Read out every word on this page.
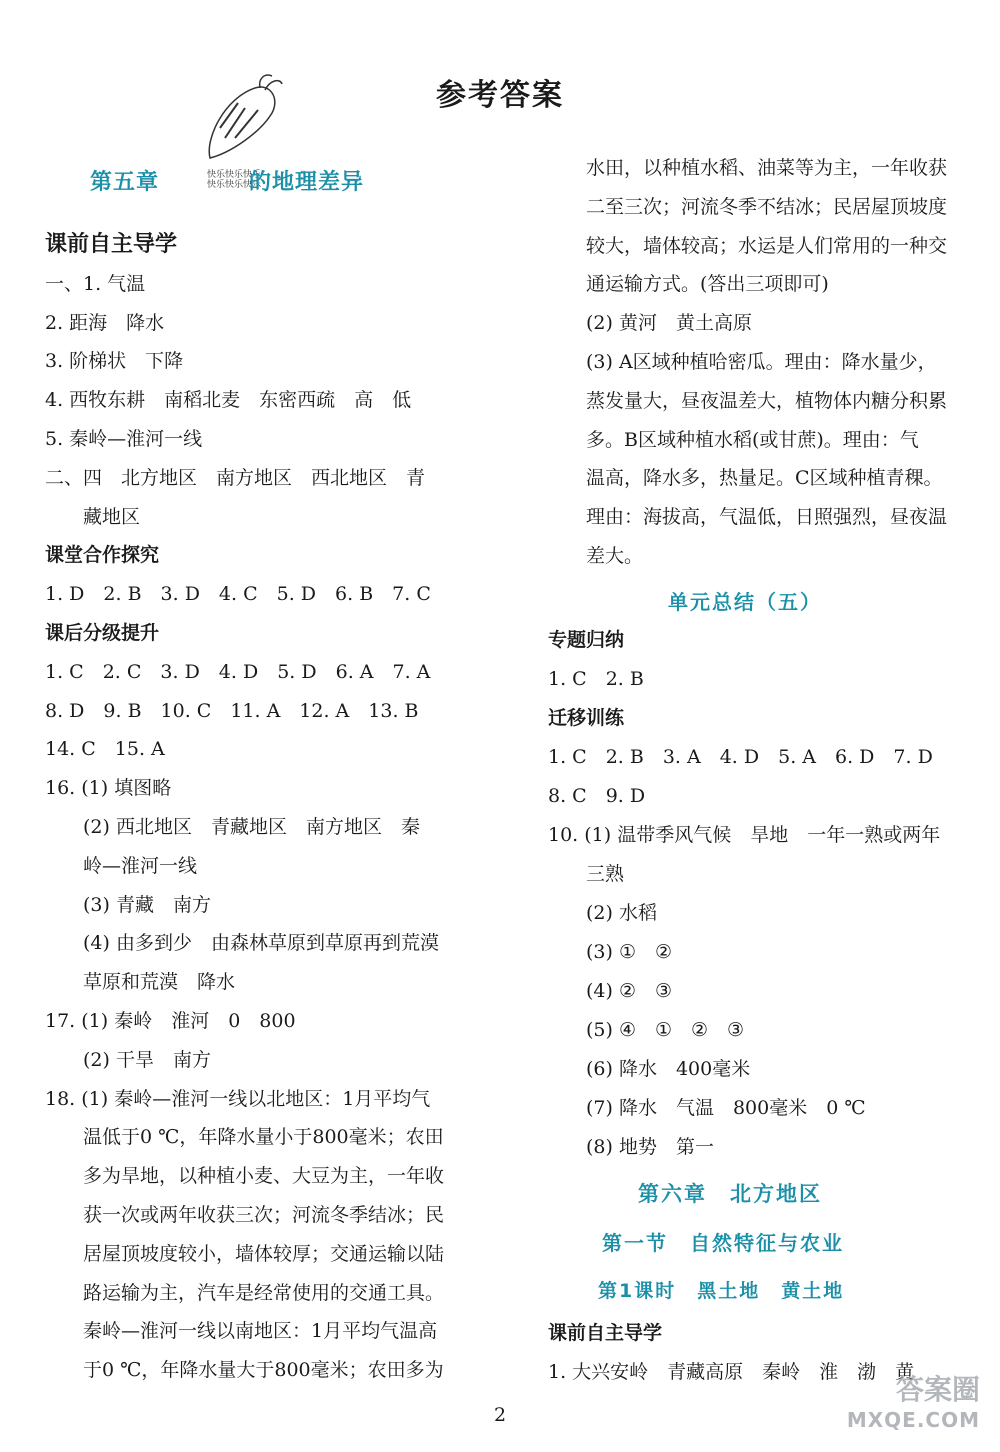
参考答案
快乐快乐快乐
快乐快乐快乐
第五章	的地理差异
课前自主导学
一、1. 气温
2. 距海　降水
3. 阶梯状　下降
4. 西牧东耕　南稻北麦　东密西疏　高　低
5. 秦岭—淮河一线
二、四　北方地区　南方地区　西北地区　青
藏地区
课堂合作探究
1. D　2. B　3. D　4. C　5. D　6. B　7. C
课后分级提升
1. C　2. C　3. D　4. D　5. D　6. A　7. A
8. D　9. B　10. C　11. A　12. A　13. B
14. C　15. A
16. (1) 填图略
(2) 西北地区　青藏地区　南方地区　秦
岭—淮河一线
(3) 青藏　南方
(4) 由多到少　由森林草原到草原再到荒漠
草原和荒漠　降水
17. (1) 秦岭　淮河　0　800
(2) 干旱　南方
18. (1) 秦岭—淮河一线以北地区：1月平均气
温低于0 ℃，年降水量小于800毫米；农田
多为旱地，以种植小麦、大豆为主，一年收
获一次或两年收获三次；河流冬季结冰；民
居屋顶坡度较小，墙体较厚；交通运输以陆
路运输为主，汽车是经常使用的交通工具。
秦岭—淮河一线以南地区：1月平均气温高
于0 ℃，年降水量大于800毫米；农田多为
水田，以种植水稻、油菜等为主，一年收获
二至三次；河流冬季不结冰；民居屋顶坡度
较大，墙体较高；水运是人们常用的一种交
通运输方式。(答出三项即可)
(2) 黄河　黄土高原
(3) A区域种植哈密瓜。理由：降水量少，
蒸发量大，昼夜温差大，植物体内糖分积累
多。B区域种植水稻(或甘蔗)。理由：气
温高，降水多，热量足。C区域种植青稞。
理由：海拔高，气温低，日照强烈，昼夜温
差大。
单元总结（五）
专题归纳
1. C　2. B
迁移训练
1. C　2. B　3. A　4. D　5. A　6. D　7. D
8. C　9. D
10. (1) 温带季风气候　旱地　一年一熟或两年
三熟
(2) 水稻
(3) ①　②
(4) ②　③
(5) ④　①　②　③
(6) 降水　400毫米
(7) 降水　气温　800毫米　0 ℃
(8) 地势　第一
第六章　北方地区
第一节　自然特征与农业
第1课时　黑土地　黄土地
课前自主导学
1. 大兴安岭　青藏高原　秦岭　淮　渤　黄
2
答案圈
MXQE.COM
